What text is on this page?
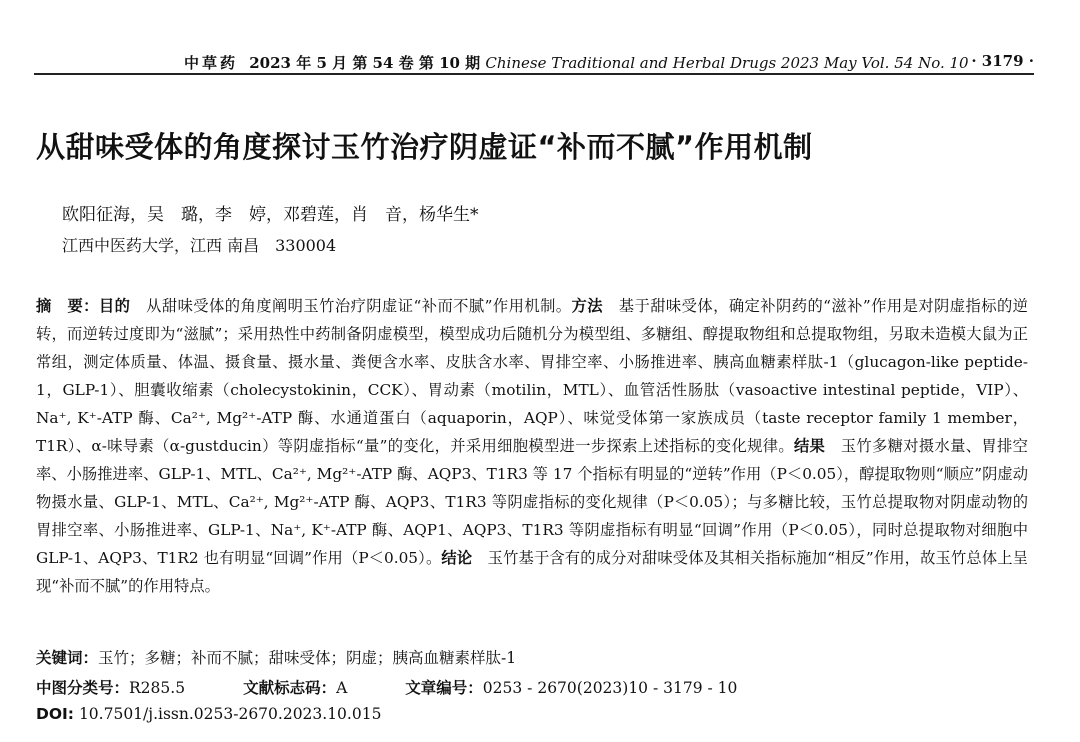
中草药 2023 年 5 月 第 54 卷 第 10 期 Chinese Traditional and Herbal Drugs 2023 May Vol. 54 No. 10 · 3179 ·
从甜味受体的角度探讨玉竹治疗阴虚证“补而不腻”作用机制
欧阳征海，吴　璐，李　婷，邓碧莲，肖　音，杨华生*
江西中医药大学，江西 南昌　330004
摘　要：目的　 从甜味受体的角度阐明玉竹治疗阴虚证“补而不腻”作用机制。方法　 基于甜味受体，确定补阴药的“滋补”作用是对阴虚指标的逆转，而逆转过度即为“滋腻”；采用热性中药制备阴虚模型，模型成功后随机分为模型组、多糖组、醇提取物组和总提取物组，另取未造模大鼠为正常组，测定体质量、体温、摄食量、摄水量、粪便含水率、皮肤含水率、胃排空率、小肠推进率、胰高血糖素样肽-1（glucagon-like peptide-1，GLP-1）、胆囊收缩素（cholecystokinin，CCK）、胃动素（motilin，MTL）、血管活性肠肽（vasoactive intestinal peptide，VIP）、Na⁺, K⁺-ATP 酶、Ca²⁺, Mg²⁺-ATP 酶、水通道蛋白（aquaporin，AQP）、味觉受体第一家族成员（taste receptor family 1 member，T1R）、α-味导素（α-gustducin）等阴虚指标“量”的变化，并采用细胞模型进一步探索上述指标的变化规律。结果　 玉竹多糖对摄水量、胃排空率、小肠推进率、GLP-1、MTL、Ca²⁺, Mg²⁺-ATP 酶、AQP3、T1R3 等 17 个指标有明显的“逆转”作用（P＜0.05），醇提取物则“顺应”阴虚动物摄水量、GLP-1、MTL、Ca²⁺, Mg²⁺-ATP 酶、AQP3、T1R3 等阴虚指标的变化规律（P＜0.05）；与多糖比较，玉竹总提取物对阴虚动物的胃排空率、小肠推进率、GLP-1、Na⁺, K⁺-ATP 酶、AQP1、AQP3、T1R3 等阴虚指标有明显“回调”作用（P＜0.05），同时总提取物对细胞中 GLP-1、AQP3、T1R2 也有明显“回调”作用（P＜0.05）。结论　 玉竹基于含有的成分对甜味受体及其相关指标施加“相反”作用，故玉竹总体上呈现“补而不腻”的作用特点。
关键词：玉竹；多糖；补而不腻；甜味受体；阴虚；胰高血糖素样肽-1
中图分类号：R285.5	文献标志码：A	文章编号：0253 - 2670(2023)10 - 3179 - 10
DOI: 10.7501/j.issn.0253-2670.2023.10.015
